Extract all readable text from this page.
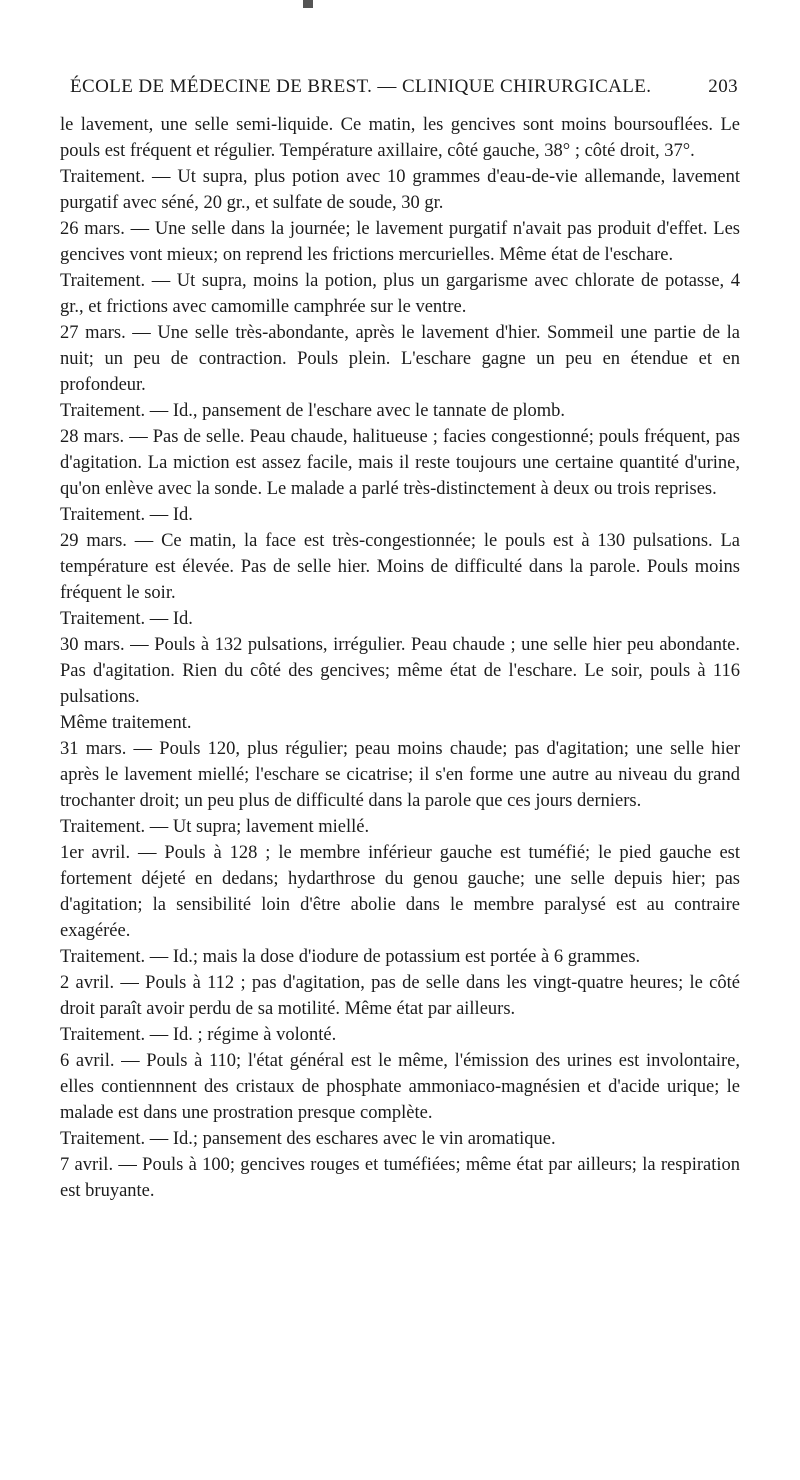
ÉCOLE DE MÉDECINE DE BREST. — CLINIQUE CHIRURGICALE.	203

le lavement, une selle semi-liquide. Ce matin, les gencives sont moins boursouflées. Le pouls est fréquent et régulier. Température axillaire, côté gauche, 38° ; côté droit, 37°.

Traitement. — Ut supra, plus potion avec 10 grammes d'eau-de-vie allemande, lavement purgatif avec séné, 20 gr., et sulfate de soude, 30 gr.

26 mars. — Une selle dans la journée; le lavement purgatif n'avait pas produit d'effet. Les gencives vont mieux; on reprend les frictions mercurielles. Même état de l'eschare.

Traitement. — Ut supra, moins la potion, plus un gargarisme avec chlorate de potasse, 4 gr., et frictions avec camomille camphrée sur le ventre.

27 mars. — Une selle très-abondante, après le lavement d'hier. Sommeil une partie de la nuit; un peu de contraction. Pouls plein. L'eschare gagne un peu en étendue et en profondeur.

Traitement. — Id., pansement de l'eschare avec le tannate de plomb.

28 mars. — Pas de selle. Peau chaude, halitueuse ; facies congestionné; pouls fréquent, pas d'agitation. La miction est assez facile, mais il reste toujours une certaine quantité d'urine, qu'on enlève avec la sonde. Le malade a parlé très-distinctement à deux ou trois reprises.

Traitement. — Id.

29 mars. — Ce matin, la face est très-congestionnée; le pouls est à 130 pulsations. La température est élevée. Pas de selle hier. Moins de difficulté dans la parole. Pouls moins fréquent le soir.

Traitement. — Id.

30 mars. — Pouls à 132 pulsations, irrégulier. Peau chaude ; une selle hier peu abondante. Pas d'agitation. Rien du côté des gencives; même état de l'eschare. Le soir, pouls à 116 pulsations.

Même traitement.

31 mars. — Pouls 120, plus régulier; peau moins chaude; pas d'agitation; une selle hier après le lavement miellé; l'eschare se cicatrise; il s'en forme une autre au niveau du grand trochanter droit; un peu plus de difficulté dans la parole que ces jours derniers.

Traitement. — Ut supra; lavement miellé.

1er avril. — Pouls à 128 ; le membre inférieur gauche est tuméfié; le pied gauche est fortement déjeté en dedans; hydarthrose du genou gauche; une selle depuis hier; pas d'agitation; la sensibilité loin d'être abolie dans le membre paralysé est au contraire exagérée.

Traitement. — Id.; mais la dose d'iodure de potassium est portée à 6 grammes.

2 avril. — Pouls à 112 ; pas d'agitation, pas de selle dans les vingt-quatre heures; le côté droit paraît avoir perdu de sa motilité. Même état par ailleurs.

Traitement. — Id. ; régime à volonté.

6 avril. — Pouls à 110; l'état général est le même, l'émission des urines est involontaire, elles contiennnent des cristaux de phosphate ammoniaco-magnésien et d'acide urique; le malade est dans une prostration presque complète.

Traitement. — Id.; pansement des eschares avec le vin aromatique.

7 avril. — Pouls à 100; gencives rouges et tuméfiées; même état par ailleurs; la respiration est bruyante.
